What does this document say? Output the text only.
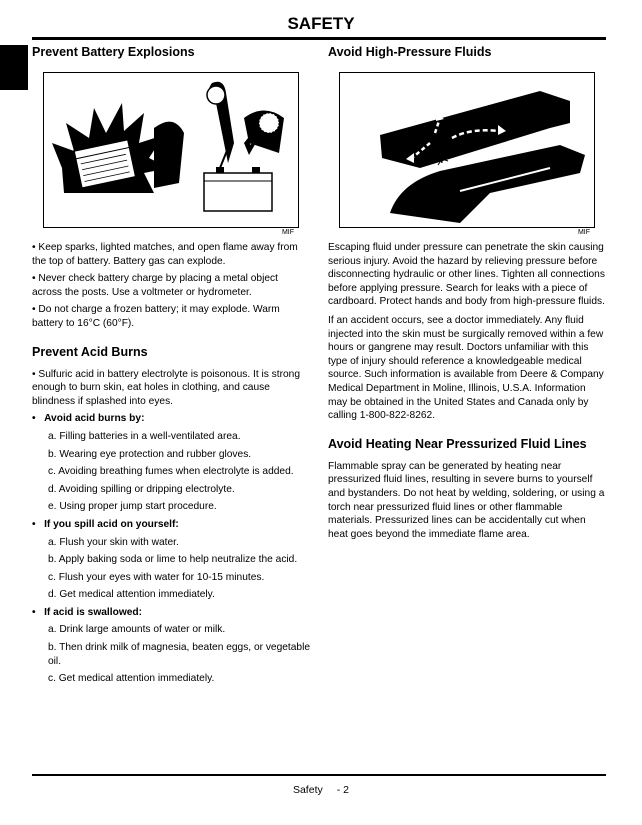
SAFETY
Prevent Battery Explosions
MIF

• Keep sparks, lighted matches, and open flame away from the top of battery. Battery gas can explode.

• Never check battery charge by placing a metal object across the posts. Use a voltmeter or hydrometer.

• Do not charge a frozen battery; it may explode. Warm battery to 16°C (60°F).

Prevent Acid Burns

• Sulfuric acid in battery electrolyte is poisonous. It is strong enough to burn skin, eat holes in clothing, and cause blindness if splashed into eyes.

• Avoid acid burns by:

a. Filling batteries in a well-ventilated area.

b. Wearing eye protection and rubber gloves.

c. Avoiding breathing fumes when electrolyte is added.

d. Avoiding spilling or dripping electrolyte.

e. Using proper jump start procedure.

• If you spill acid on yourself:

a. Flush your skin with water.

b. Apply baking soda or lime to help neutralize the acid.

c. Flush your eyes with water for 10-15 minutes.

d. Get medical attention immediately.

• If acid is swallowed:

a. Drink large amounts of water or milk.

b. Then drink milk of magnesia, beaten eggs, or vegetable oil.

c. Get medical attention immediately.

Avoid High-Pressure Fluids
MIF

Escaping fluid under pressure can penetrate the skin causing serious injury. Avoid the hazard by relieving pressure before disconnecting hydraulic or other lines. Tighten all connections before applying pressure. Search for leaks with a piece of cardboard. Protect hands and body from high-pressure fluids.

If an accident occurs, see a doctor immediately. Any fluid injected into the skin must be surgically removed within a few hours or gangrene may result. Doctors unfamiliar with this type of injury should reference a knowledgeable medical source. Such information is available from Deere & Company Medical Department in Moline, Illinois, U.S.A. Information may be obtained in the United States and Canada only by calling 1-800-822-8262.

Avoid Heating Near Pressurized Fluid Lines

Flammable spray can be generated by heating near pressurized fluid lines, resulting in severe burns to yourself and bystanders. Do not heat by welding, soldering, or using a torch near pressurized fluid lines or other flammable materials. Pressurized lines can be accidentally cut when heat goes beyond the immediate flame area.

Safety - 2
